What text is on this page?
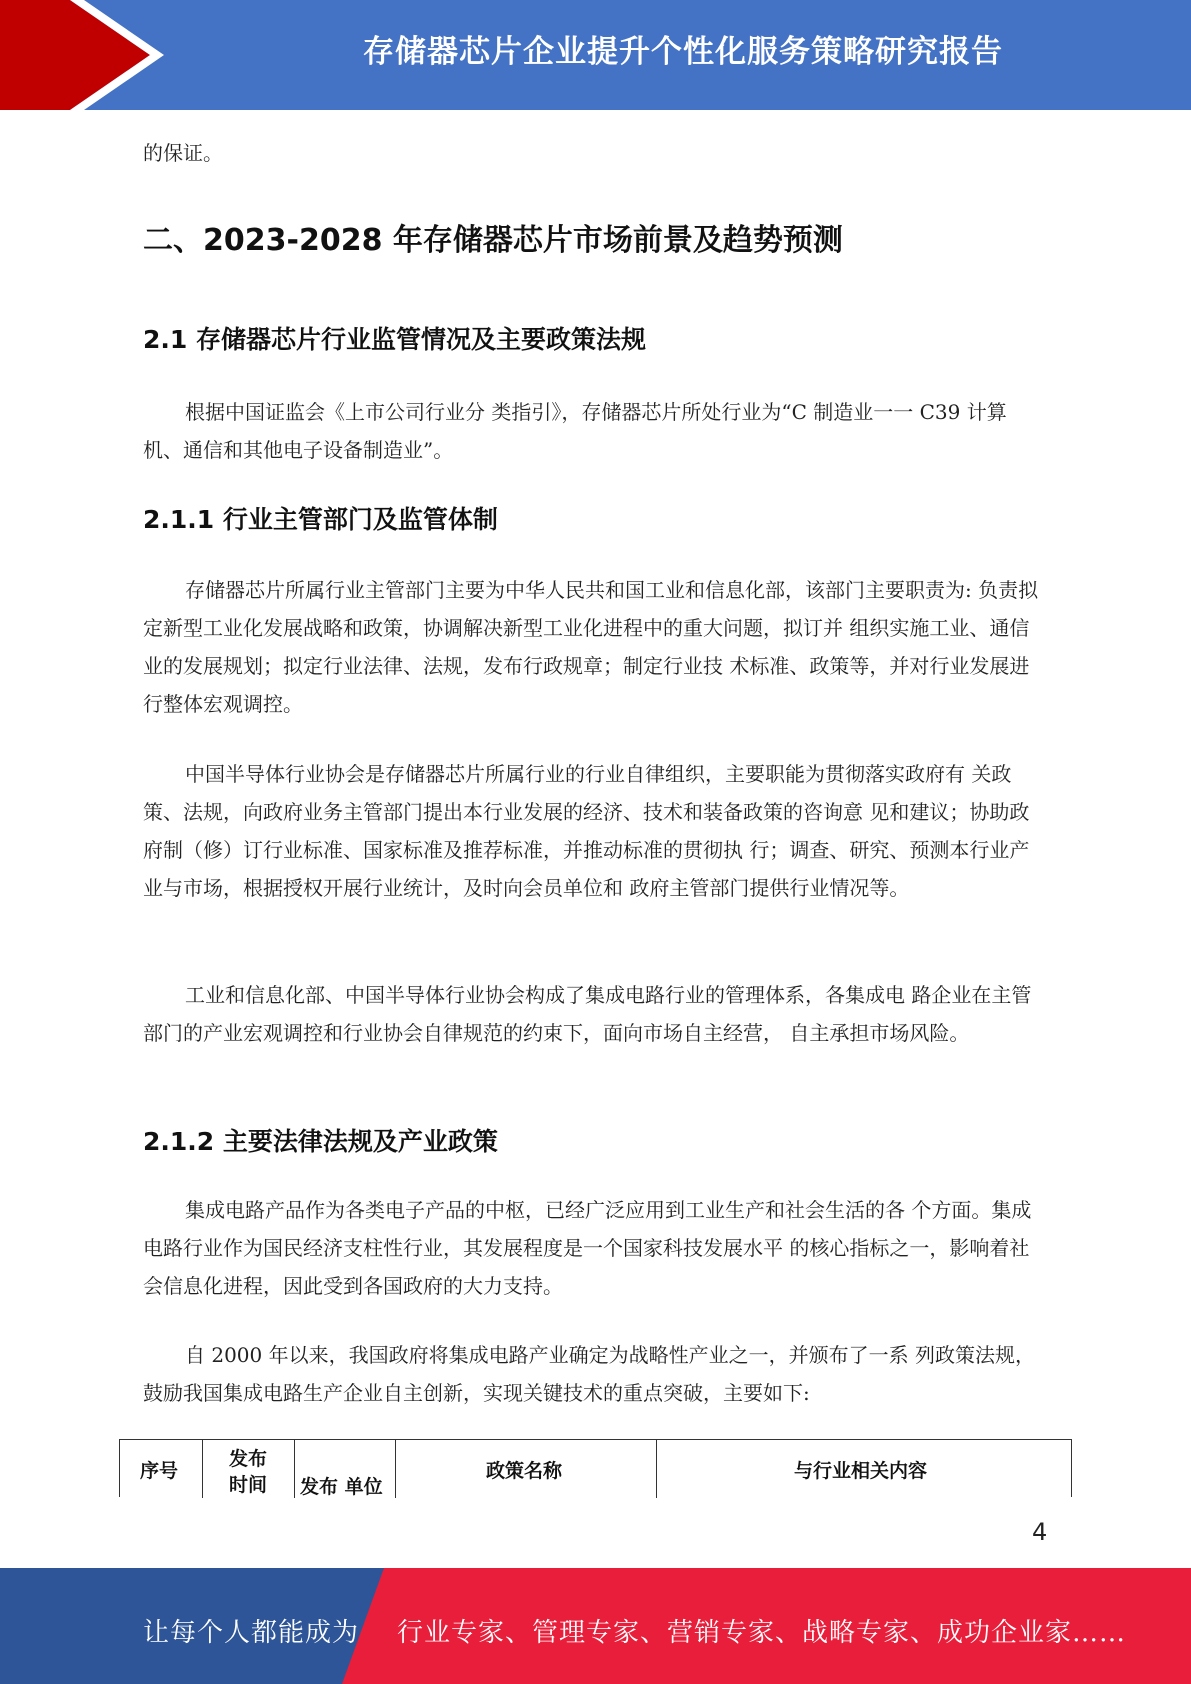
存储器芯片企业提升个性化服务策略研究报告

的保证。

二、2023-2028 年存储器芯片市场前景及趋势预测
2.1 存储器芯片行业监管情况及主要政策法规

根据中国证监会《上市公司行业分 类指引》，存储器芯片所处行业为“C 制造业一一 C39 计算机、通信和其他电子设备制造业”。

2.1.1 行业主管部门及监管体制

存储器芯片所属行业主管部门主要为中华人民共和国工业和信息化部，该部门主要职责为: 负责拟定新型工业化发展战略和政策，协调解决新型工业化进程中的重大问题，拟订并 组织实施工业、通信业的发展规划；拟定行业法律、法规，发布行政规章；制定行业技 术标准、政策等，并对行业发展进行整体宏观调控。

中国半导体行业协会是存储器芯片所属行业的行业自律组织，主要职能为贯彻落实政府有 关政策、法规，向政府业务主管部门提出本行业发展的经济、技术和装备政策的咨询意 见和建议；协助政府制（修）订行业标准、国家标准及推荐标准，并推动标准的贯彻执 行；调查、研究、预测本行业产业与市场，根据授权开展行业统计，及时向会员单位和 政府主管部门提供行业情况等。

工业和信息化部、中国半导体行业协会构成了集成电路行业的管理体系，各集成电 路企业在主管部门的产业宏观调控和行业协会自律规范的约束下，面向市场自主经营， 自主承担市场风险。

2.1.2 主要法律法规及产业政策

集成电路产品作为各类电子产品的中枢，已经广泛应用到工业生产和社会生活的各 个方面。集成电路行业作为国民经济支柱性行业，其发展程度是一个国家科技发展水平 的核心指标之一，影响着社会信息化进程，因此受到各国政府的大力支持。

自 2000 年以来，我国政府将集成电路产业确定为战略性产业之一，并颁布了一系 列政策法规，鼓励我国集成电路生产企业自主创新，实现关键技术的重点突破，主要如下:

序号
发布
时间 发布 单位
政策名称	与行业相关内容
4
让每个人都能成为 行业专家、管理专家、营销专家、战略专家、成功企业家……
